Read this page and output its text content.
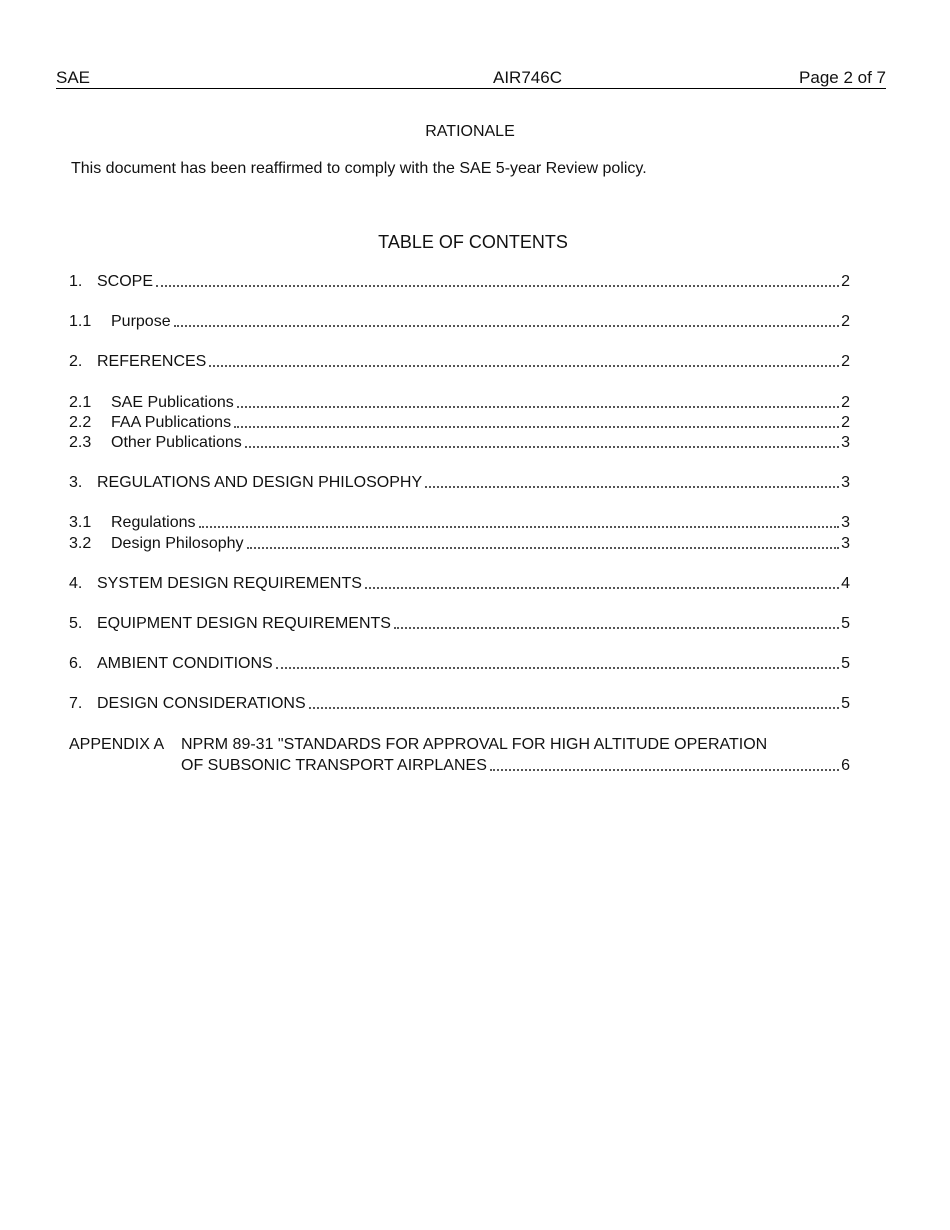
SAE	AIR746C	Page 2 of 7
RATIONALE
This document has been reaffirmed to comply with the SAE 5-year Review policy.
TABLE OF CONTENTS
1. SCOPE	2
1.1	Purpose	2
2. REFERENCES	2
2.1	SAE Publications	2
2.2	FAA Publications	2
2.3	Other Publications	3
3. REGULATIONS AND DESIGN PHILOSOPHY	3
3.1	Regulations	3
3.2	Design Philosophy	3
4. SYSTEM DESIGN REQUIREMENTS	4
5. EQUIPMENT DESIGN REQUIREMENTS	5
6. AMBIENT CONDITIONS	5
7. DESIGN CONSIDERATIONS	5
APPENDIX A NPRM 89-31 "STANDARDS FOR APPROVAL FOR HIGH ALTITUDE OPERATION
OF SUBSONIC TRANSPORT AIRPLANES	6
